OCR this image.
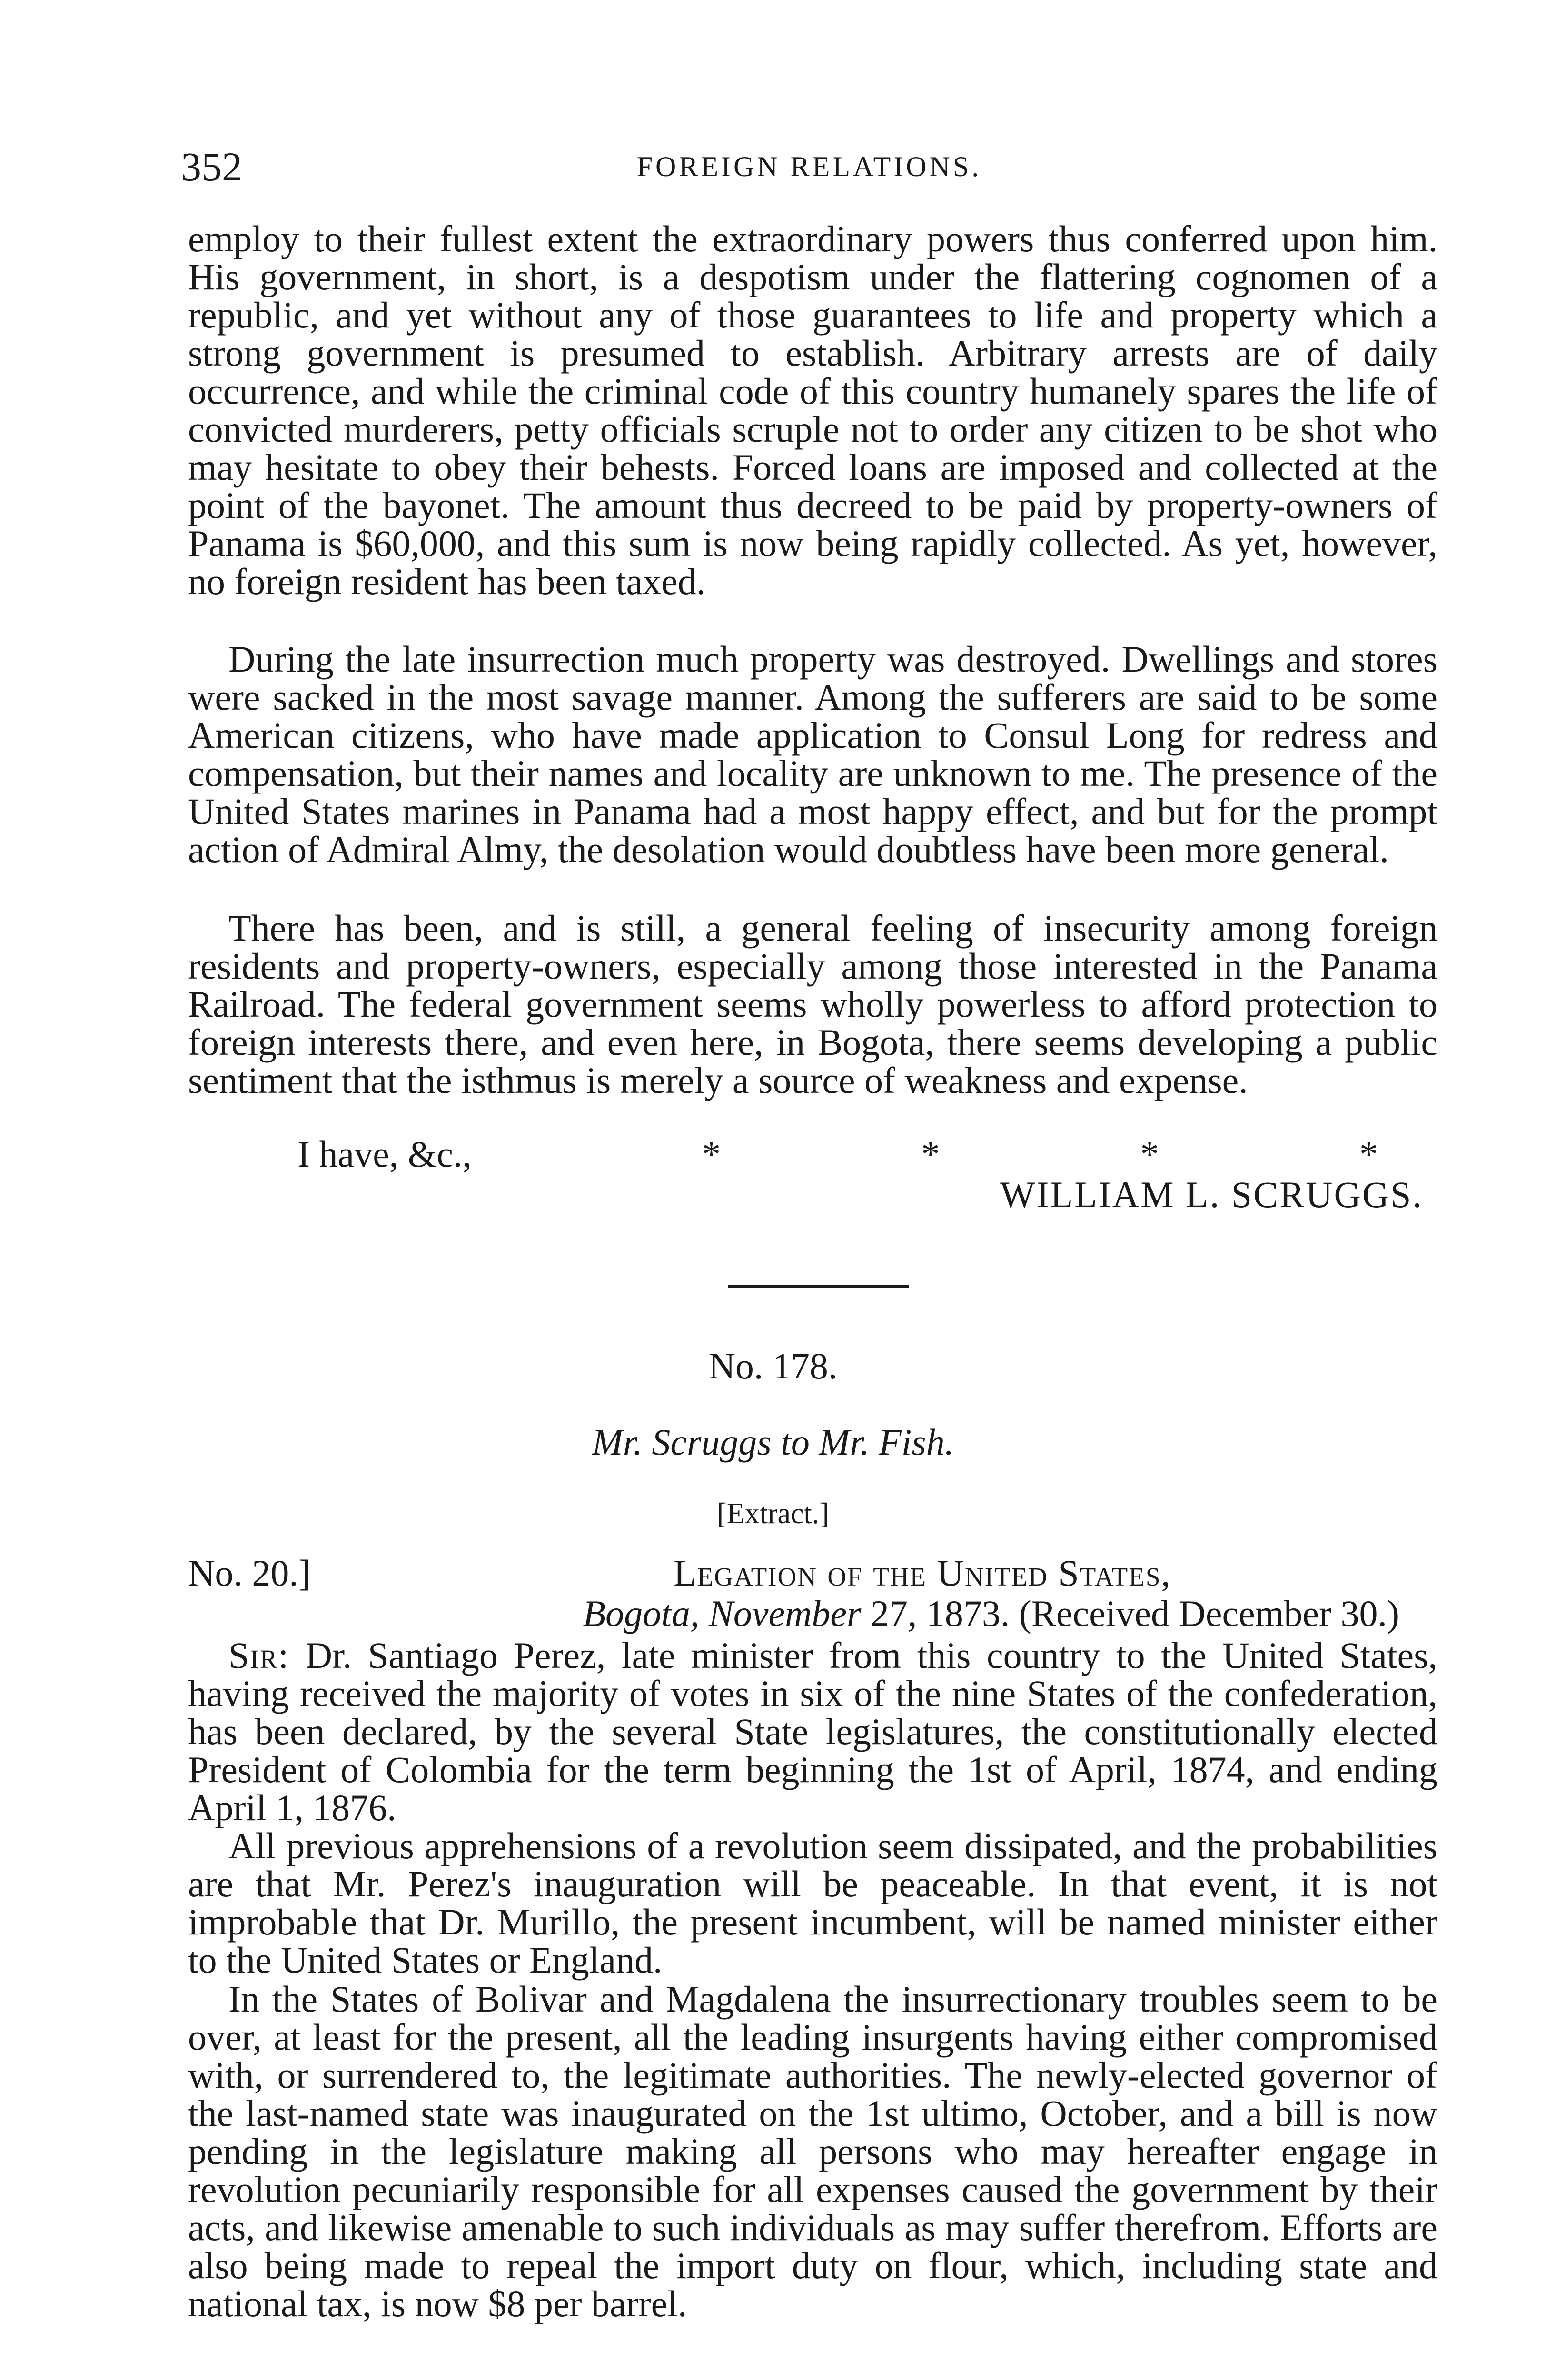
352	FOREIGN RELATIONS.

employ to their fullest extent the extraordinary powers thus conferred upon him. His government, in short, is a despotism under the flattering cognomen of a republic, and yet without any of those guarantees to life and property which a strong government is presumed to establish. Arbitrary arrests are of daily occurrence, and while the criminal code of this country humanely spares the life of convicted murderers, petty officials scruple not to order any citizen to be shot who may hesitate to obey their behests. Forced loans are imposed and collected at the point of the bayonet. The amount thus decreed to be paid by property-owners of Panama is $60,000, and this sum is now being rapidly collected. As yet, however, no foreign resident has been taxed.

During the late insurrection much property was destroyed. Dwellings and stores were sacked in the most savage manner. Among the sufferers are said to be some American citizens, who have made application to Consul Long for redress and compensation, but their names and locality are unknown to me. The presence of the United States marines in Panama had a most happy effect, and but for the prompt action of Admiral Almy, the desolation would doubtless have been more general.

There has been, and is still, a general feeling of insecurity among foreign residents and property-owners, especially among those interested in the Panama Railroad. The federal government seems wholly powerless to afford protection to foreign interests there, and even here, in Bogota, there seems developing a public sentiment that the isthmus is merely a source of weakness and expense.

I have, &c.,	*	*	*	*
WILLIAM L. SCRUGGS.
No. 178.
Mr. Scruggs to Mr. Fish.
[Extract.]
No. 20.]	Legation of the United States,
Bogota, November 27, 1873. (Received December 30.)

Sir: Dr. Santiago Perez, late minister from this country to the United States, having received the majority of votes in six of the nine States of the confederation, has been declared, by the several State legislatures, the constitutionally elected President of Colombia for the term beginning the 1st of April, 1874, and ending April 1, 1876.

All previous apprehensions of a revolution seem dissipated, and the probabilities are that Mr. Perez's inauguration will be peaceable. In that event, it is not improbable that Dr. Murillo, the present incumbent, will be named minister either to the United States or England.

In the States of Bolivar and Magdalena the insurrectionary troubles seem to be over, at least for the present, all the leading insurgents having either compromised with, or surrendered to, the legitimate authorities. The newly-elected governor of the last-named state was inaugurated on the 1st ultimo, October, and a bill is now pending in the legislature making all persons who may hereafter engage in revolution pecuniarily responsible for all expenses caused the government by their acts, and likewise amenable to such individuals as may suffer therefrom. Efforts are also being made to repeal the import duty on flour, which, including state and national tax, is now $8 per barrel.
